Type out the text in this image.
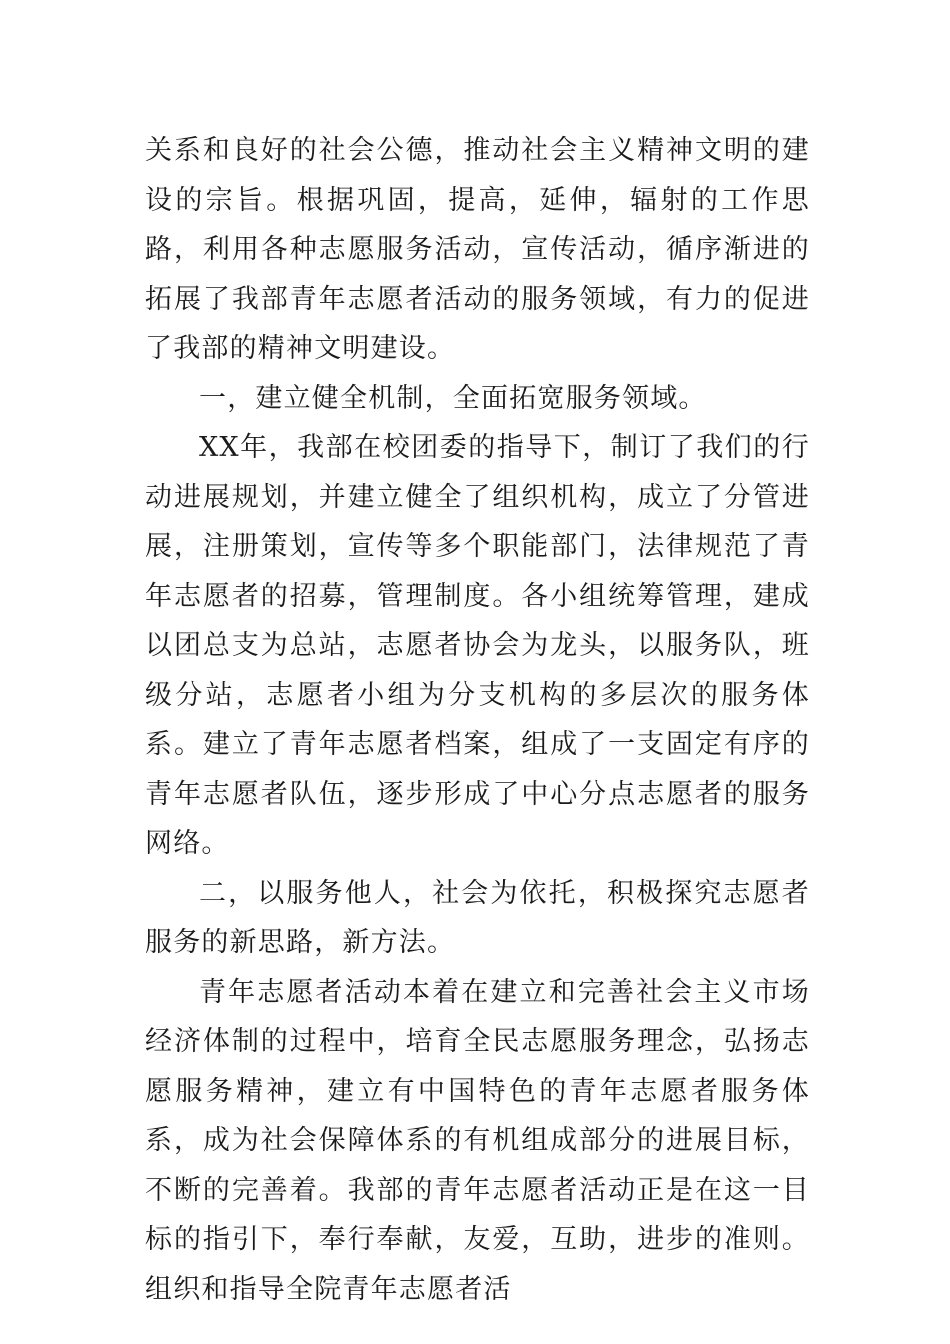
关系和良好的社会公德，推动社会主义精神文明的建设的宗旨。根据巩固，提高，延伸，辐射的工作思路，利用各种志愿服务活动，宣传活动，循序渐进的拓展了我部青年志愿者活动的服务领域，有力的促进了我部的精神文明建设。

一，建立健全机制，全面拓宽服务领域。

XX年，我部在校团委的指导下，制订了我们的行动进展规划，并建立健全了组织机构，成立了分管进展，注册策划，宣传等多个职能部门，法律规范了青年志愿者的招募，管理制度。各小组统筹管理，建成以团总支为总站，志愿者协会为龙头，以服务队，班级分站，志愿者小组为分支机构的多层次的服务体系。建立了青年志愿者档案，组成了一支固定有序的青年志愿者队伍，逐步形成了中心分点志愿者的服务网络。

二，以服务他人，社会为依托，积极探究志愿者服务的新思路，新方法。

青年志愿者活动本着在建立和完善社会主义市场经济体制的过程中，培育全民志愿服务理念，弘扬志愿服务精神，建立有中国特色的青年志愿者服务体系，成为社会保障体系的有机组成部分的进展目标，不断的完善着。我部的青年志愿者活动正是在这一目标的指引下，奉行奉献，友爱，互助，进步的准则。组织和指导全院青年志愿者活
